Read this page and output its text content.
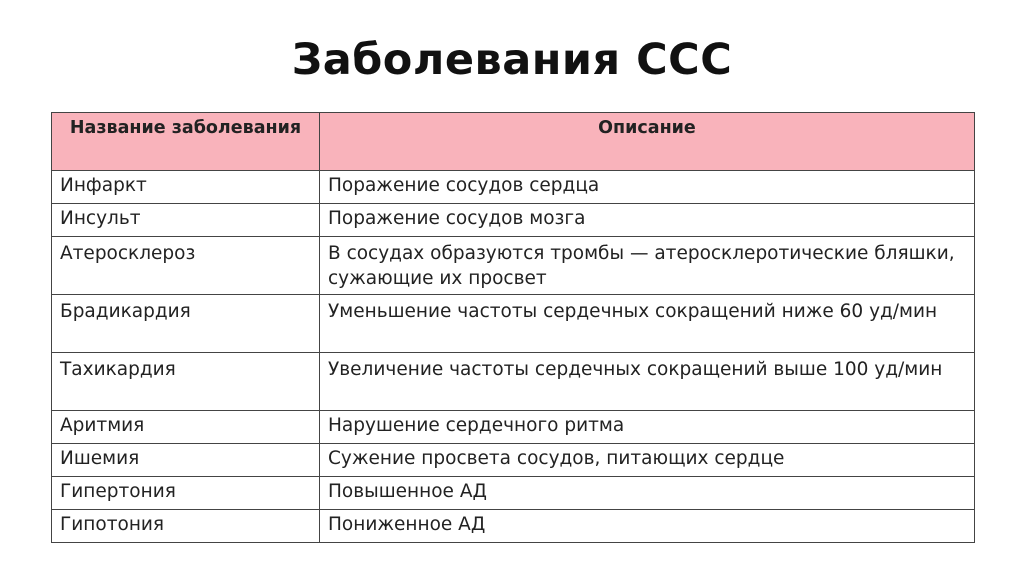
Заболевания ССС
Название заболевания	Описание
Инфаркт	Поражение сосудов сердца
Инсульт	Поражение сосудов мозга
Атеросклероз	В сосудах образуются тромбы — атеросклеротические бляшки, сужающие их просвет
Брадикардия	Уменьшение частоты сердечных сокращений ниже 60 уд/мин
Тахикардия	Увеличение частоты сердечных сокращений выше 100 уд/мин
Аритмия	Нарушение сердечного ритма
Ишемия	Сужение просвета сосудов, питающих сердце
Гипертония	Повышенное АД
Гипотония	Пониженное АД
